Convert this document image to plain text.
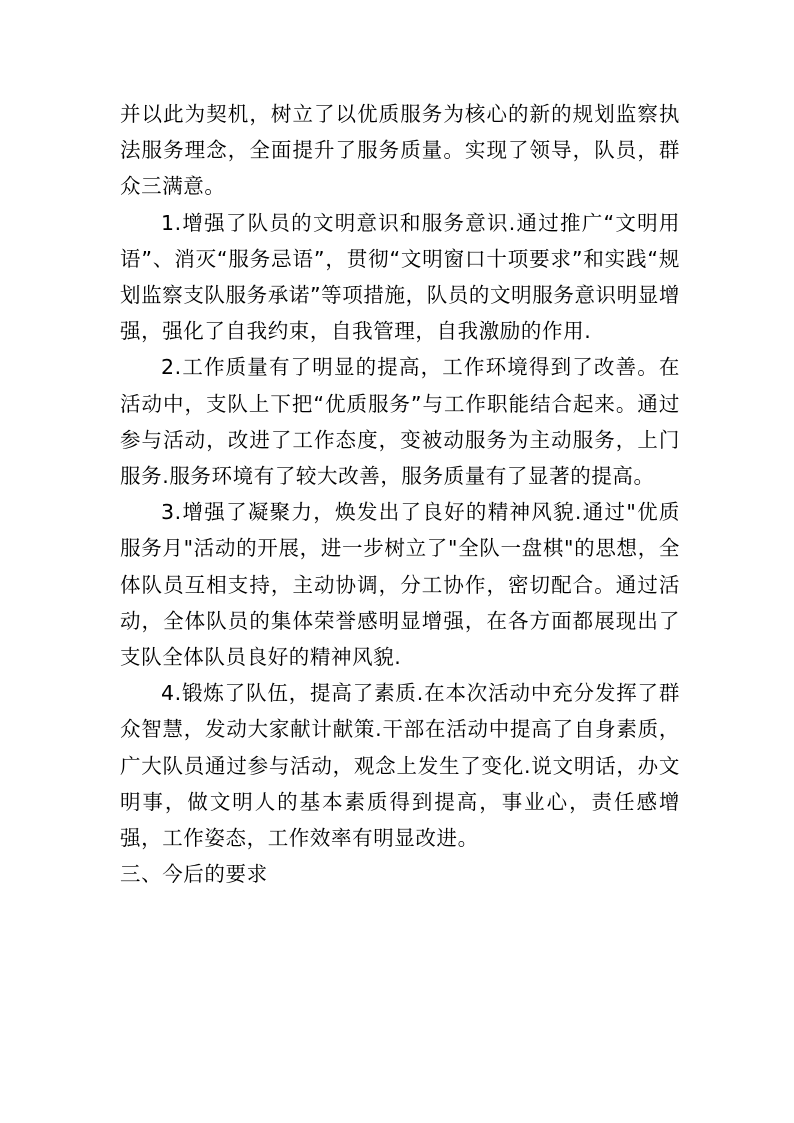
并以此为契机，树立了以优质服务为核心的新的规划监察执法服务理念，全面提升了服务质量。实现了领导，队员，群众三满意。

1.增强了队员的文明意识和服务意识.通过推广“文明用语”、消灭“服务忌语”，贯彻“文明窗口十项要求”和实践“规划监察支队服务承诺”等项措施，队员的文明服务意识明显增强，强化了自我约束，自我管理，自我激励的作用.

2.工作质量有了明显的提高，工作环境得到了改善。在活动中，支队上下把“优质服务”与工作职能结合起来。通过参与活动，改进了工作态度，变被动服务为主动服务，上门服务.服务环境有了较大改善，服务质量有了显著的提高。

3.增强了凝聚力，焕发出了良好的精神风貌.通过"优质服务月"活动的开展，进一步树立了"全队一盘棋"的思想，全体队员互相支持，主动协调，分工协作，密切配合。通过活动，全体队员的集体荣誉感明显增强，在各方面都展现出了支队全体队员良好的精神风貌.

4.锻炼了队伍，提高了素质.在本次活动中充分发挥了群众智慧，发动大家献计献策.干部在活动中提高了自身素质，广大队员通过参与活动，观念上发生了变化.说文明话，办文明事，做文明人的基本素质得到提高，事业心，责任感增强，工作姿态，工作效率有明显改进。

三、今后的要求
